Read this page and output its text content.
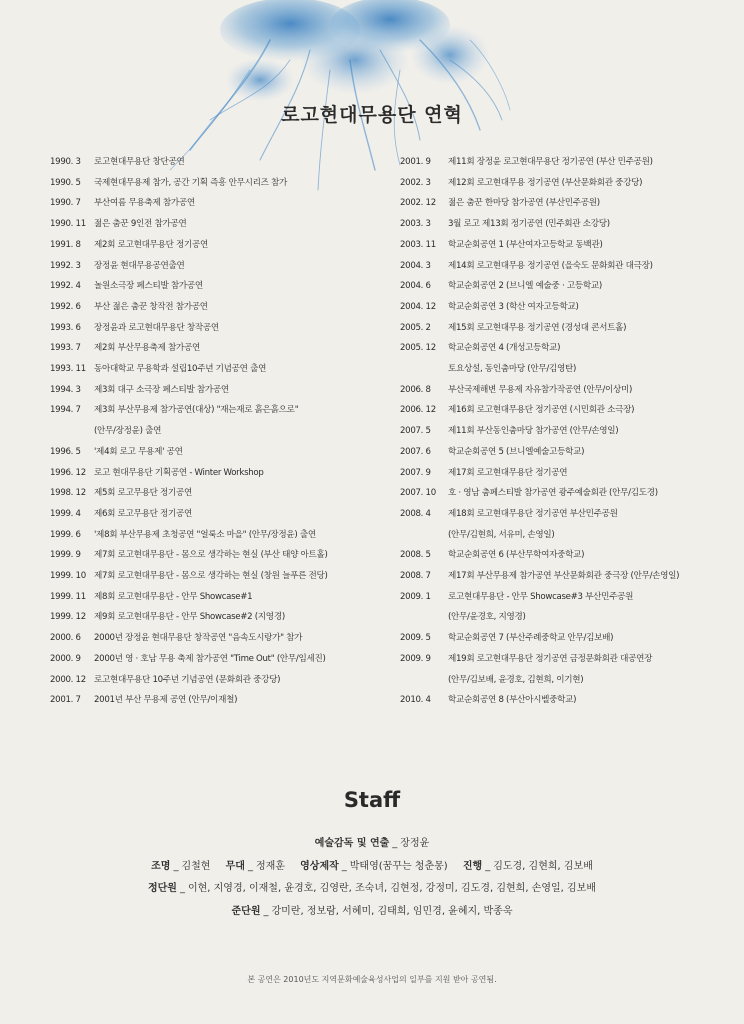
로고현대무용단 연혁
1990. 3	로고현대무용단 창단공연
1990. 5	국제현대무용제 참가, 공간 기획 즉흥 안무시리즈 참가
1990. 7	부산여름 무용축제 참가공연
1990. 11 젊은 춤꾼 9인전 참가공연
1991. 8	제2회 로고현대무용단 정기공연
1992. 3	장정윤 현대무용공연출연
1992. 4	놀원소극장 페스티발 참가공연
1992. 6	부산 젊은 춤꾼 창작전 참가공연
1993. 6	장정윤과 로고현대무용단 창작공연
1993. 7	제2회 부산무용축제 참가공연
1993. 11 동아대학교 무용학과 설립10주년 기념공연 출연
1994. 3	제3회 대구 소극장 페스티발 참가공연
1994. 7	제3회 부산무용제 참가공연(대상) "재는재로 흙은흙으로"
(안무/장정윤) 출연
1996. 5	'제4회 로고 무용제' 공연
1996. 12 로고 현대무용단 기획공연 - Winter Workshop
1998. 12 제5회 로고무용단 정기공연
1999. 4	제6회 로고무용단 정기공연
1999. 6	'제8회 부산무용제 초청공연 "얼룩소 마을" (안무/장정윤) 출연
1999. 9	제7회 로고현대무용단 - 몸으로 생각하는 현실 (부산 태양 아트홀)
1999. 10 제7회 로고현대무용단 - 몸으로 생각하는 현실 (창원 늘푸른 전당)
1999. 11 제8회 로고현대무용단 - 안무 Showcase#1
1999. 12 제9회 로고현대무용단 - 안무 Showcase#2 (지영경)
2000. 6	2000년 장정윤 현대무용단 창작공연 "음속도시랑가" 참가
2000. 9	2000년 영 · 호남 무용 축제 참가공연 "Time Out" (안무/임세진)
2000. 12 로고현대무용단 10주년 기념공연 (문화회관 중강당)
2001. 7	2001년 부산 무용제 공연 (안무/이재철)
2001. 9	제11회 장정윤 로고현대무용단 정기공연 (부산 민주공원)
2002. 3	제12회 로고현대무용 정기공연 (부산문화회관 중강당)
2002. 12	젊은 춤꾼 한마당 참가공연 (부산민주공원)
2003. 3	3월 로고 제13회 정기공연 (민주회관 소강당)
2003. 11	학교순회공연 1 (부산여자고등학교 동백관)
2004. 3	제14회 로고현대무용 정기공연 (을숙도 문화회관 대극장)
2004. 6	학교순회공연 2 (브니엘 예술중 · 고등학교)
2004. 12	학교순회공연 3 (학산 여자고등학교)
2005. 2	제15회 로고현대무용 정기공연 (경성대 콘서트홀)
2005. 12	학교순회공연 4 (개성고등학교)
토요상설, 동인춤마당 (안무/김영탄)
2006. 8	부산국제해변 무용제 자유참가작공연 (안무/이상미)
2006. 12	제16회 로고현대무용단 정기공연 (시민회관 소극장)
2007. 5	제11회 부산동인춤마당 참가공연 (안무/손영일)
2007. 6	학교순회공연 5 (브니엘예술고등학교)
2007. 9	제17회 로고현대무용단 정기공연
2007. 10	호 · 영남 춤페스티발 참가공연 광주예술회관 (안무/김도경)
2008. 4	제18회 로고현대무용단 정기공연 부산민주공원
(안무/김현희, 서유미, 손영일)
2008. 5	학교순회공연 6 (부산무학여자중학교)
2008. 7	제17회 부산무용제 참가공연 부산문화회관 중극장 (안무/손영일)
2009. 1	로고현대무용단 - 안무 Showcase#3 부산민주공원
(안무/윤경호, 지영경)
2009. 5	학교순회공연 7 (부산주례중학교 안무/김보배)
2009. 9	제19회 로고현대무용단 정기공연 금정문화회관 대공연장
(안무/김보배, 윤경호, 김현희, 이기현)
2010. 4	학교순회공연 8 (부산아시벨중학교)
Staff
예술감독 및 연출 _ 장정윤
조명 _ 김철현 무대 _ 정재훈 영상제작 _ 박태영(꿈꾸는 청춘몽) 진행 _ 김도경, 김현희, 김보배
정단원 _ 이현, 지영경, 이재철, 윤경호, 김영란, 조숙녀, 김현정, 강정미, 김도경, 김현희, 손영일, 김보배
준단원 _ 강미란, 정보람, 서혜미, 김태희, 임민경, 윤혜지, 박종욱
본 공연은 2010년도 지역문화예술육성사업의 일부를 지원 받아 공연됨.
